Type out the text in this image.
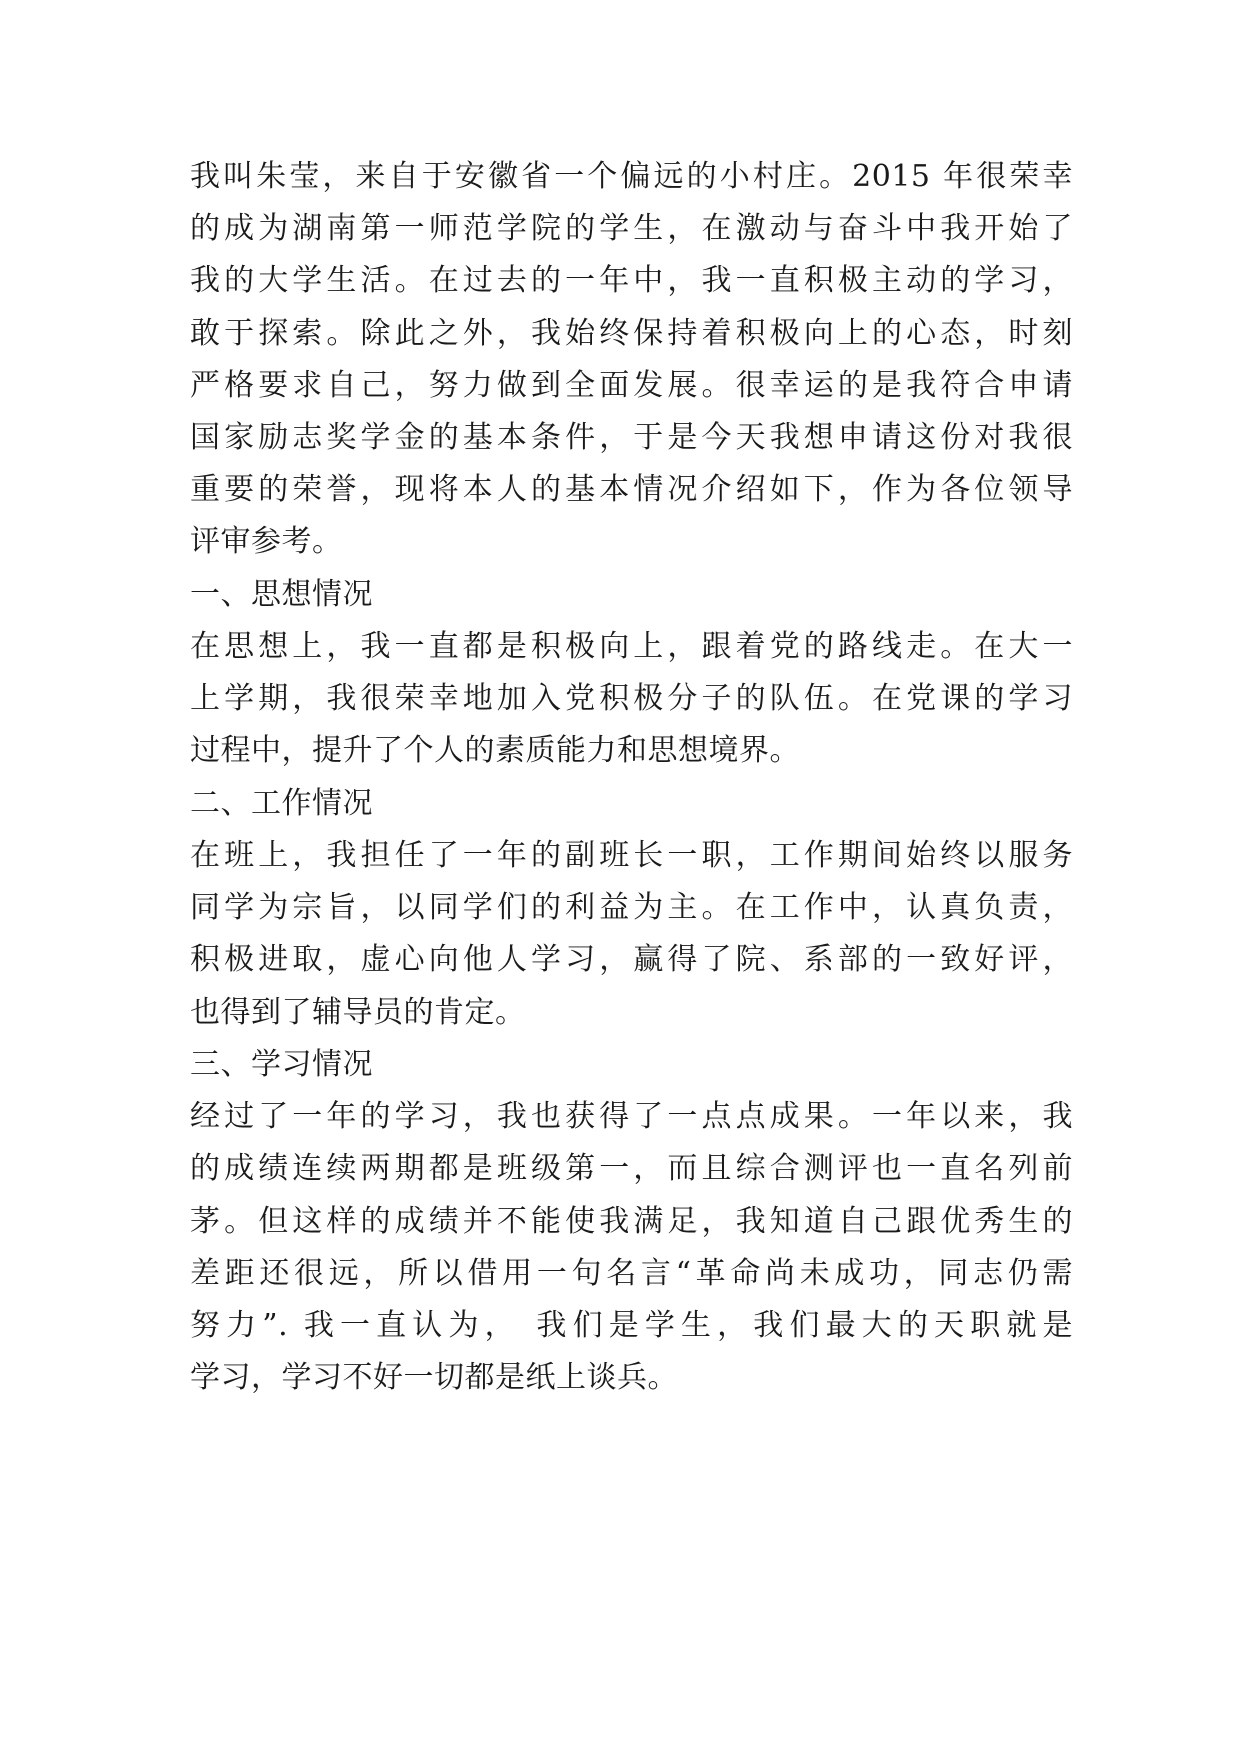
我叫朱莹，来自于安徽省一个偏远的小村庄。2015 年很荣幸
的成为湖南第一师范学院的学生，在激动与奋斗中我开始了
我的大学生活。在过去的一年中，我一直积极主动的学习，
敢于探索。除此之外，我始终保持着积极向上的心态，时刻
严格要求自己，努力做到全面发展。很幸运的是我符合申请
国家励志奖学金的基本条件，于是今天我想申请这份对我很
重要的荣誉，现将本人的基本情况介绍如下，作为各位领导
评审参考。
一、思想情况
在思想上，我一直都是积极向上，跟着党的路线走。在大一
上学期，我很荣幸地加入党积极分子的队伍。在党课的学习
过程中，提升了个人的素质能力和思想境界。
二、工作情况
在班上，我担任了一年的副班长一职，工作期间始终以服务
同学为宗旨，以同学们的利益为主。在工作中，认真负责，
积极进取，虚心向他人学习，赢得了院、系部的一致好评，
也得到了辅导员的肯定。
三、学习情况
经过了一年的学习，我也获得了一点点成果。一年以来，我
的成绩连续两期都是班级第一，而且综合测评也一直名列前
茅。但这样的成绩并不能使我满足，我知道自己跟优秀生的
差距还很远，所以借用一句名言“革命尚未成功，同志仍需
努力”. 我一直认为， 我们是学生，我们最大的天职就是
学习，学习不好一切都是纸上谈兵。
